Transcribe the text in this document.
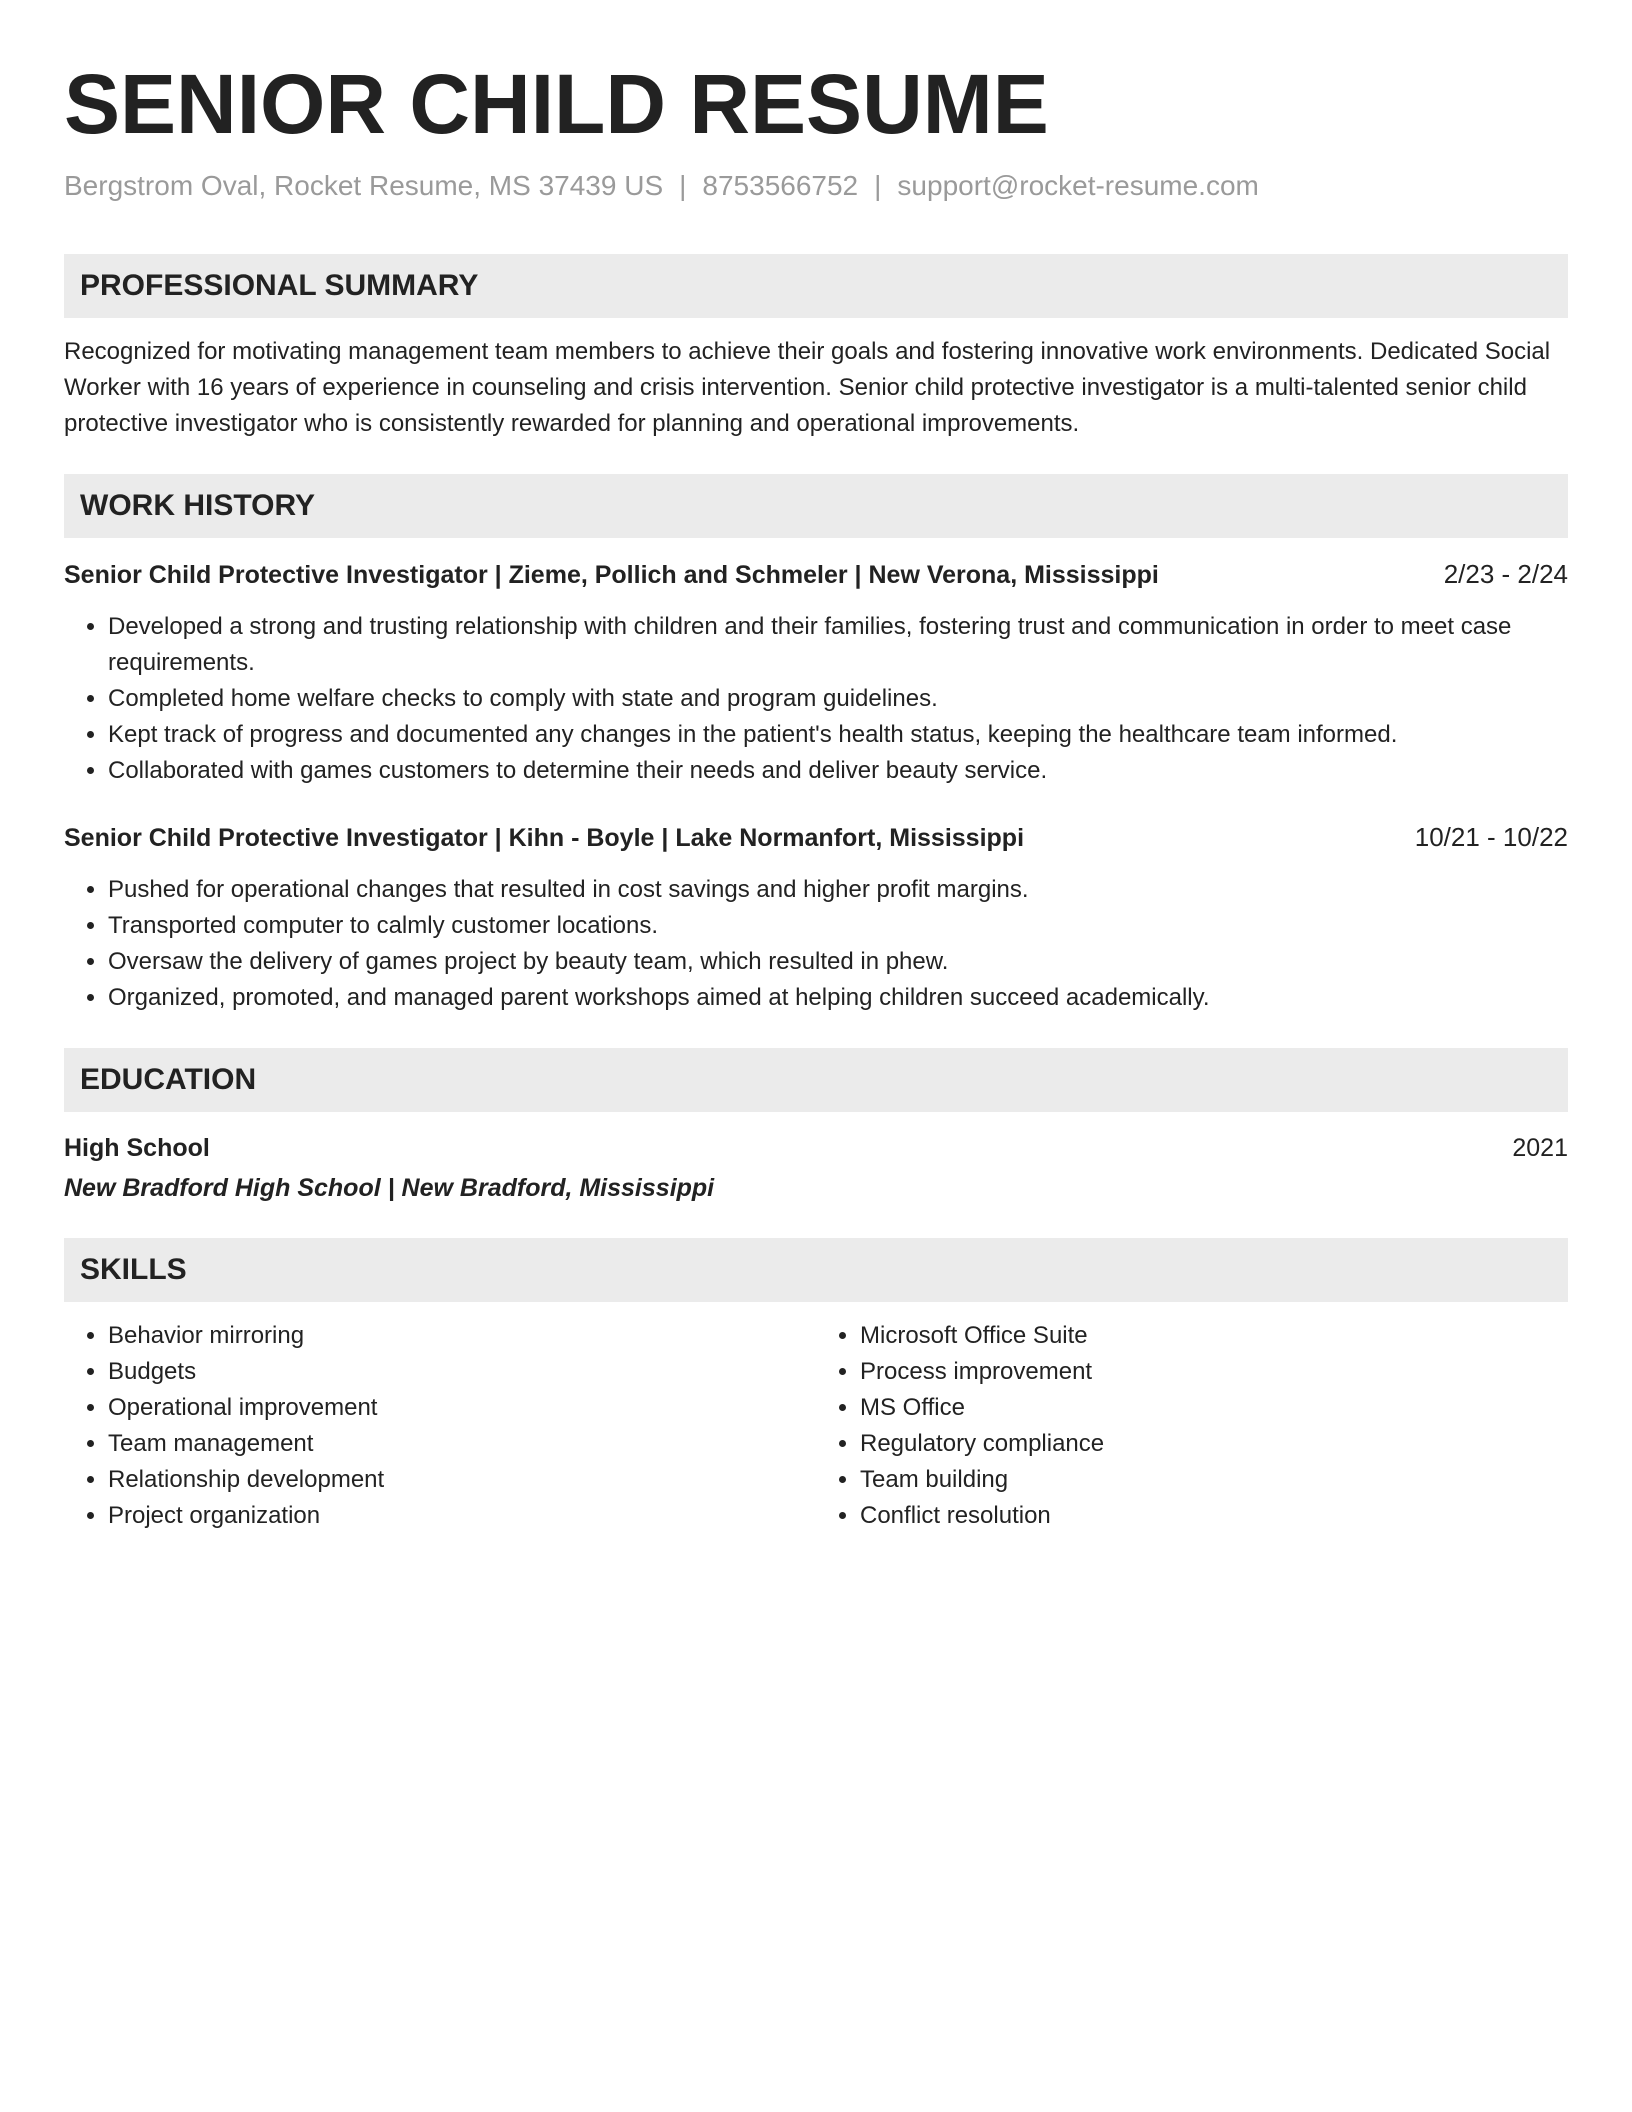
SENIOR CHILD RESUME
Bergstrom Oval, Rocket Resume, MS 37439 US | 8753566752 | support@rocket-resume.com
PROFESSIONAL SUMMARY
Recognized for motivating management team members to achieve their goals and fostering innovative work environments. Dedicated Social Worker with 16 years of experience in counseling and crisis intervention. Senior child protective investigator is a multi-talented senior child protective investigator who is consistently rewarded for planning and operational improvements.
WORK HISTORY
Senior Child Protective Investigator | Zieme, Pollich and Schmeler | New Verona, Mississippi	2/23 - 2/24
• Developed a strong and trusting relationship with children and their families, fostering trust and communication in order to meet case requirements.
• Completed home welfare checks to comply with state and program guidelines.
• Kept track of progress and documented any changes in the patient's health status, keeping the healthcare team informed.
• Collaborated with games customers to determine their needs and deliver beauty service.
Senior Child Protective Investigator | Kihn - Boyle | Lake Normanfort, Mississippi	10/21 - 10/22
• Pushed for operational changes that resulted in cost savings and higher profit margins.
• Transported computer to calmly customer locations.
• Oversaw the delivery of games project by beauty team, which resulted in phew.
• Organized, promoted, and managed parent workshops aimed at helping children succeed academically.
EDUCATION
High School	2021
New Bradford High School | New Bradford, Mississippi
SKILLS
• Behavior mirroring
• Budgets
• Operational improvement
• Team management
• Relationship development
• Project organization
• Microsoft Office Suite
• Process improvement
• MS Office
• Regulatory compliance
• Team building
• Conflict resolution
